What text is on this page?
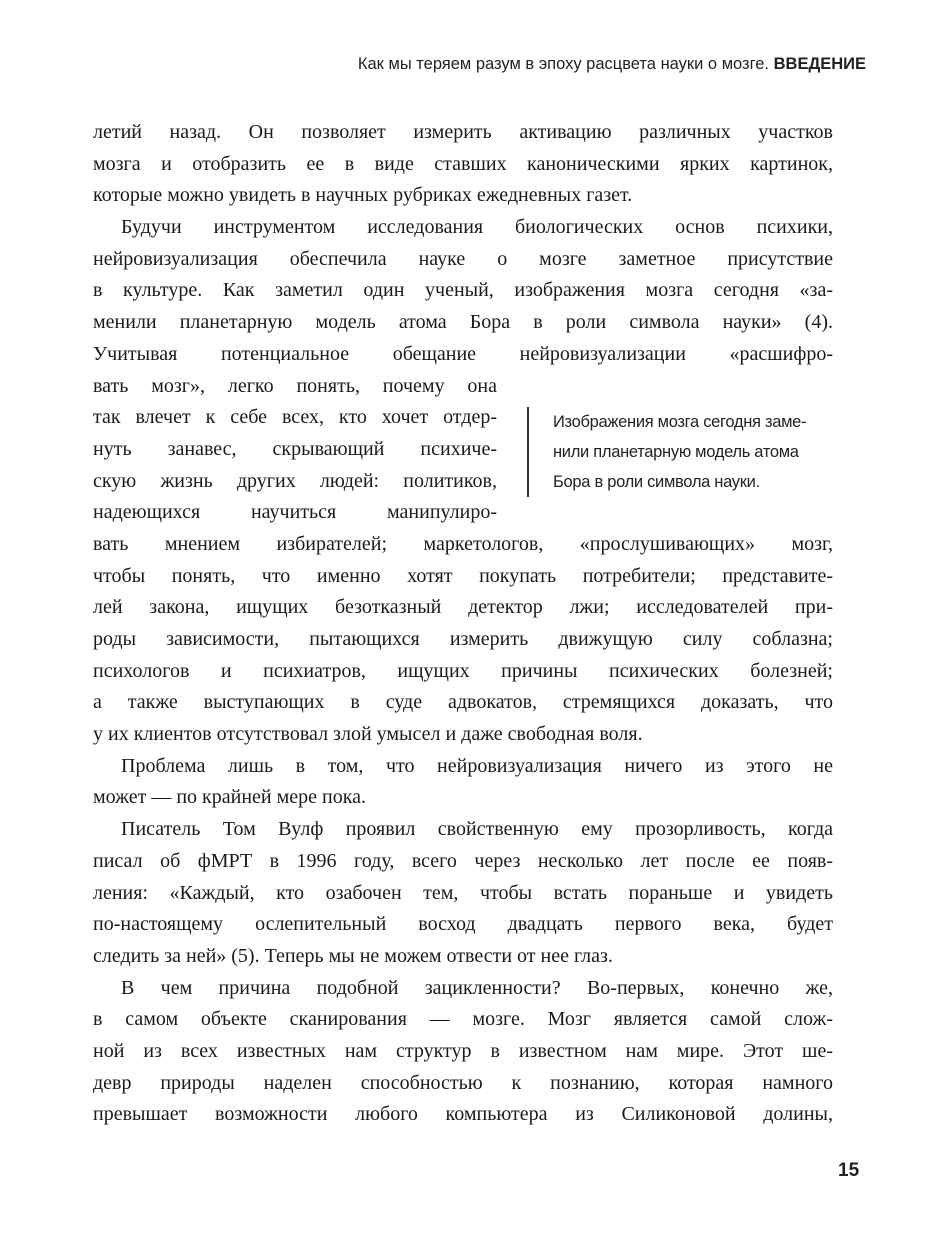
Как мы теряем разум в эпоху расцвета науки о мозге. ВВЕДЕНИЕ
летий назад. Он позволяет измерить активацию различных участков
мозга и отобразить ее в виде ставших каноническими ярких картинок,
которые можно увидеть в научных рубриках ежедневных газет.
Будучи инструментом исследования биологических основ психики,
нейровизуализация обеспечила науке о мозге заметное присутствие
в культуре. Как заметил один ученый, изображения мозга сегодня «за-
менили планетарную модель атома Бора в роли символа науки» (4).
Учитывая потенциальное обещание нейровизуализации «расшифро-
вать мозг», легко понять, почему она
так влечет к себе всех, кто хочет отдер-
нуть занавес, скрывающий психиче-
скую жизнь других людей: политиков,
надеющихся научиться манипулиро-
вать мнением избирателей; маркетологов, «прослушивающих» мозг,
чтобы понять, что именно хотят покупать потребители; представите-
лей закона, ищущих безотказный детектор лжи; исследователей при-
роды зависимости, пытающихся измерить движущую силу соблазна;
психологов и психиатров, ищущих причины психических болезней;
а также выступающих в суде адвокатов, стремящихся доказать, что
у их клиентов отсутствовал злой умысел и даже свободная воля.
Проблема лишь в том, что нейровизуализация ничего из этого не
может — по крайней мере пока.
Писатель Том Вулф проявил свойственную ему прозорливость, когда
писал об фМРТ в 1996 году, всего через несколько лет после ее появ-
ления: «Каждый, кто озабочен тем, чтобы встать пораньше и увидеть
по-настоящему ослепительный восход двадцать первого века, будет
следить за ней» (5). Теперь мы не можем отвести от нее глаз.
В чем причина подобной зацикленности? Во-первых, конечно же,
в самом объекте сканирования — мозге. Мозг является самой слож-
ной из всех известных нам структур в известном нам мире. Этот ше-
девр природы наделен способностью к познанию, которая намного
превышает возможности любого компьютера из Силиконовой долины,
Изображения мозга сегодня заме-
нили планетарную модель атома
Бора в роли символа науки.
15
